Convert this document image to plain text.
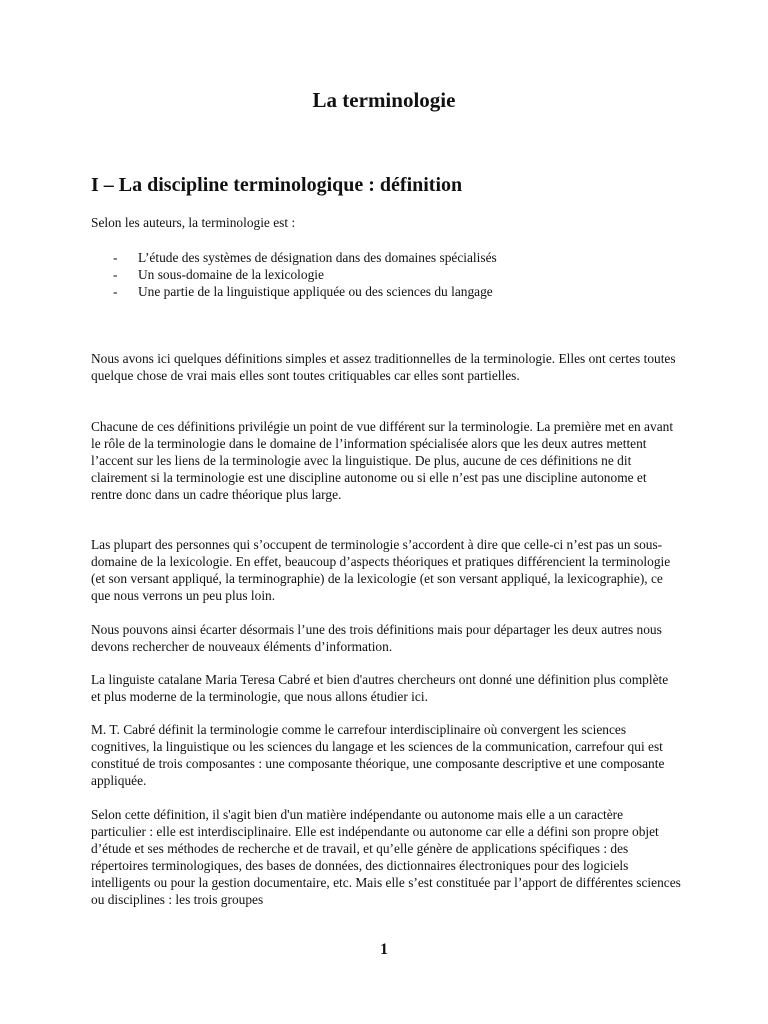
La terminologie
I – La discipline terminologique : définition

Selon les auteurs, la terminologie est :

- L’étude des systèmes de désignation dans des domaines spécialisés
- Un sous-domaine de la lexicologie
- Une partie de la linguistique appliquée ou des sciences du langage

Nous avons ici quelques définitions simples et assez traditionnelles de la terminologie. Elles ont certes toutes quelque chose de vrai mais elles sont toutes critiquables car elles sont partielles.

Chacune de ces définitions privilégie un point de vue différent sur la terminologie. La première met en avant le rôle de la terminologie dans le domaine de l’information spécialisée alors que les deux autres mettent l’accent sur les liens de la terminologie avec la linguistique. De plus, aucune de ces définitions ne dit clairement si la terminologie est une discipline autonome ou si elle n’est pas une discipline autonome et rentre donc dans un cadre théorique plus large.

Las plupart des personnes qui s’occupent de terminologie s’accordent à dire que celle-ci n’est pas un sous-domaine de la lexicologie. En effet, beaucoup d’aspects théoriques et pratiques différencient la terminologie (et son versant appliqué, la terminographie) de la lexicologie (et son versant appliqué, la lexicographie), ce que nous verrons un peu plus loin.

Nous pouvons ainsi écarter désormais l’une des trois définitions mais pour départager les deux autres nous devons rechercher de nouveaux éléments d’information.

La linguiste catalane Maria Teresa Cabré et bien d'autres chercheurs ont donné une définition plus complète et plus moderne de la terminologie, que nous allons étudier ici.

M. T. Cabré définit la terminologie comme le carrefour interdisciplinaire où convergent les sciences cognitives, la linguistique ou les sciences du langage et les sciences de la communication, carrefour qui est constitué de trois composantes : une composante théorique, une composante descriptive et une composante appliquée.

Selon cette définition, il s'agit bien d'un matière indépendante ou autonome mais elle a un caractère particulier : elle est interdisciplinaire. Elle est indépendante ou autonome car elle a défini son propre objet d’étude et ses méthodes de recherche et de travail, et qu’elle génère de applications spécifiques : des répertoires terminologiques, des bases de données, des dictionnaires électroniques pour des logiciels intelligents ou pour la gestion documentaire, etc. Mais elle s’est constituée par l’apport de différentes sciences ou disciplines : les trois groupes

1
